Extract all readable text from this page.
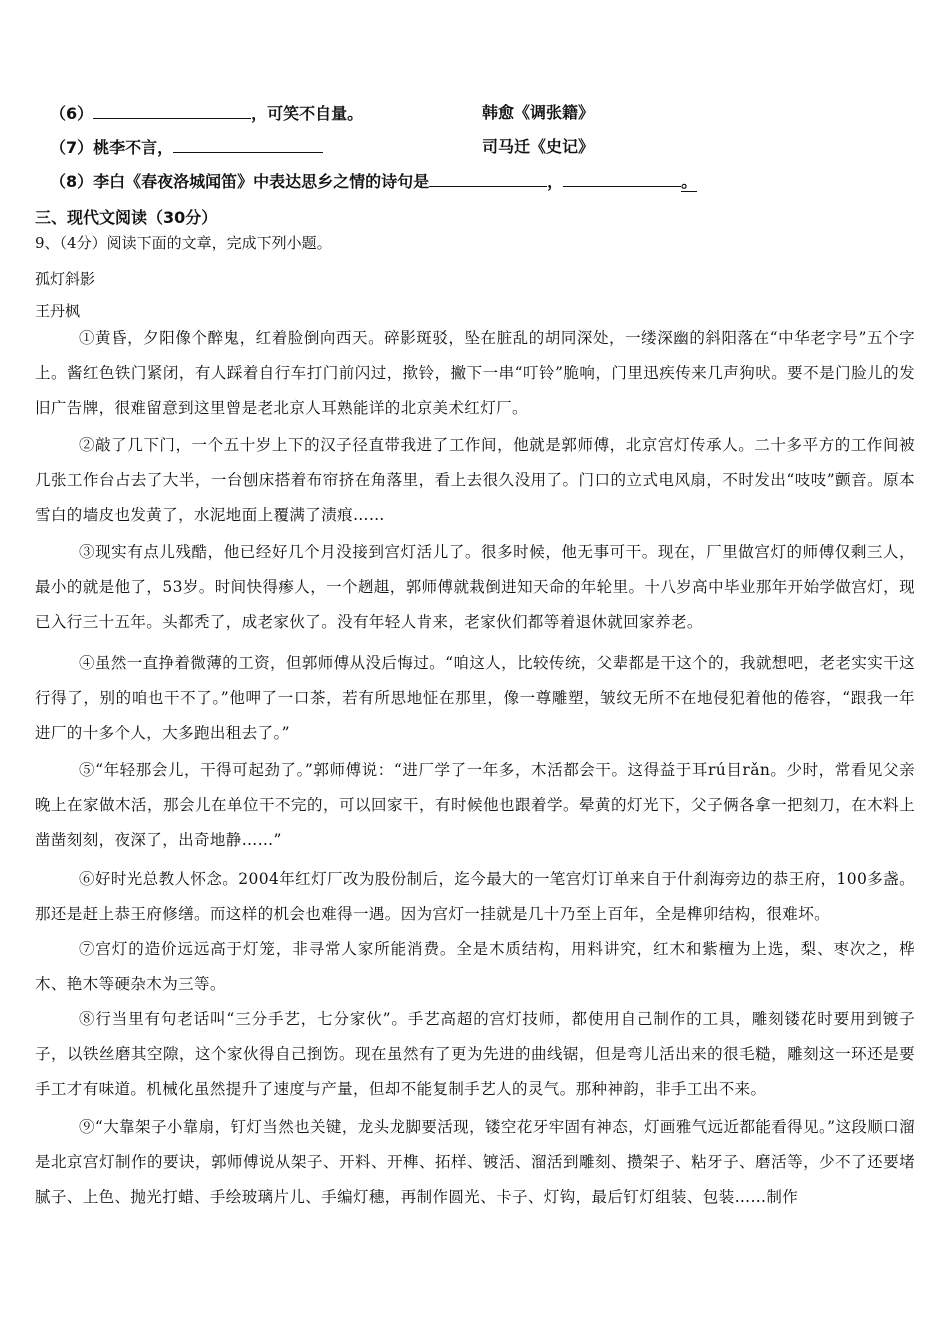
（6）	，可笑不自量。	韩愈《调张籍》
（7）桃李不言，	司马迁《史记》
（8）李白《春夜洛城闻笛》中表达思乡之情的诗句是	，	。
三、现代文阅读（30分）
9、（4分）阅读下面的文章，完成下列小题。
孤灯斜影
王丹枫
①黄昏，夕阳像个醉鬼，红着脸倒向西天。碎影斑驳，坠在脏乱的胡同深处，一缕深幽的斜阳落在“中华老字号”五个字上。酱红色铁门紧闭，有人踩着自行车打门前闪过，揿铃，撇下一串“叮铃”脆响，门里迅疾传来几声狗吠。要不是门脸儿的发旧广告牌，很难留意到这里曾是老北京人耳熟能详的北京美术红灯厂。
②敲了几下门，一个五十岁上下的汉子径直带我进了工作间，他就是郭师傅，北京宫灯传承人。二十多平方的工作间被几张工作台占去了大半，一台刨床搭着布帘挤在角落里，看上去很久没用了。门口的立式电风扇，不时发出“吱吱”颤音。原本雪白的墙皮也发黄了，水泥地面上覆满了渍痕……
③现实有点儿残酷，他已经好几个月没接到宫灯活儿了。很多时候，他无事可干。现在，厂里做宫灯的师傅仅剩三人，最小的就是他了，53岁。时间快得瘆人，一个趔趄，郭师傅就栽倒进知天命的年轮里。十八岁高中毕业那年开始学做宫灯，现已入行三十五年。头都秃了，成老家伙了。没有年轻人肯来，老家伙们都等着退休就回家养老。
④虽然一直挣着微薄的工资，但郭师傅从没后悔过。“咱这人，比较传统，父辈都是干这个的，我就想吧，老老实实干这行得了，别的咱也干不了。”他呷了一口茶，若有所思地怔在那里，像一尊雕塑，皱纹无所不在地侵犯着他的倦容，“跟我一年进厂的十多个人，大多跑出租去了。”
⑤“年轻那会儿，干得可起劲了。”郭师傅说：“进厂学了一年多，木活都会干。这得益于耳rú目rǎn。少时，常看见父亲晚上在家做木活，那会儿在单位干不完的，可以回家干，有时候他也跟着学。晕黄的灯光下，父子俩各拿一把刻刀，在木料上凿凿刻刻，夜深了，出奇地静……”
⑥好时光总教人怀念。2004年红灯厂改为股份制后，迄今最大的一笔宫灯订单来自于什刹海旁边的恭王府，100多盏。那还是赶上恭王府修缮。而这样的机会也难得一遇。因为宫灯一挂就是几十乃至上百年，全是榫卯结构，很难坏。
⑦宫灯的造价远远高于灯笼，非寻常人家所能消费。全是木质结构，用料讲究，红木和紫檀为上选，梨、枣次之，桦木、艳木等硬杂木为三等。
⑧行当里有句老话叫“三分手艺，七分家伙”。手艺高超的宫灯技师，都使用自己制作的工具，雕刻镂花时要用到镀子子，以铁丝磨其空隙，这个家伙得自己捯饬。现在虽然有了更为先进的曲线锯，但是弯儿活出来的很毛糙，雕刻这一环还是要手工才有味道。机械化虽然提升了速度与产量，但却不能复制手艺人的灵气。那种神韵，非手工出不来。
⑨“大靠架子小靠扇，钉灯当然也关键，龙头龙脚要活现，镂空花牙牢固有神态，灯画雅气远近都能看得见。”这段顺口溜是北京宫灯制作的要诀，郭师傅说从架子、开料、开榫、拓样、镀活、溜活到雕刻、攒架子、粘牙子、磨活等，少不了还要堵腻子、上色、抛光打蜡、手绘玻璃片儿、手编灯穗，再制作圆光、卡子、灯钩，最后钉灯组装、包装……制作
